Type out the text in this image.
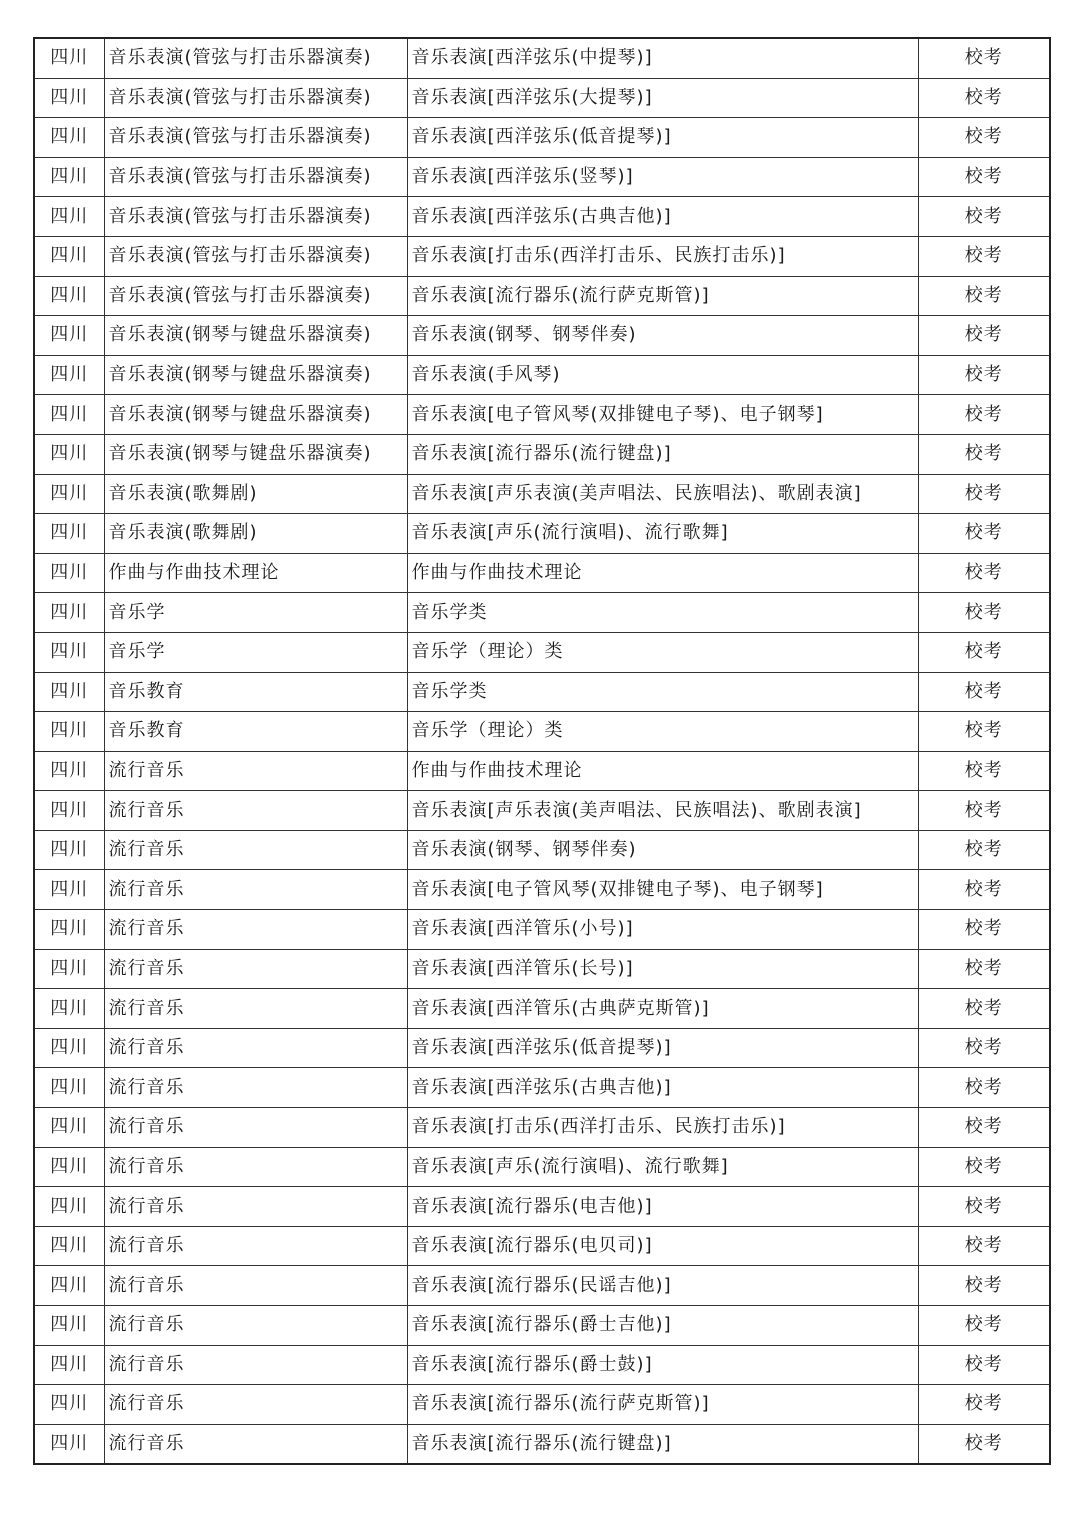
四川	音乐表演(管弦与打击乐器演奏)	音乐表演[西洋弦乐(中提琴)]	校考
四川	音乐表演(管弦与打击乐器演奏)	音乐表演[西洋弦乐(大提琴)]	校考
四川	音乐表演(管弦与打击乐器演奏)	音乐表演[西洋弦乐(低音提琴)]	校考
四川	音乐表演(管弦与打击乐器演奏)	音乐表演[西洋弦乐(竖琴)]	校考
四川	音乐表演(管弦与打击乐器演奏)	音乐表演[西洋弦乐(古典吉他)]	校考
四川	音乐表演(管弦与打击乐器演奏)	音乐表演[打击乐(西洋打击乐、民族打击乐)]	校考
四川	音乐表演(管弦与打击乐器演奏)	音乐表演[流行器乐(流行萨克斯管)]	校考
四川	音乐表演(钢琴与键盘乐器演奏)	音乐表演(钢琴、钢琴伴奏)	校考
四川	音乐表演(钢琴与键盘乐器演奏)	音乐表演(手风琴)	校考
四川	音乐表演(钢琴与键盘乐器演奏)	音乐表演[电子管风琴(双排键电子琴)、电子钢琴]	校考
四川	音乐表演(钢琴与键盘乐器演奏)	音乐表演[流行器乐(流行键盘)]	校考
四川	音乐表演(歌舞剧)	音乐表演[声乐表演(美声唱法、民族唱法)、歌剧表演]	校考
四川	音乐表演(歌舞剧)	音乐表演[声乐(流行演唱)、流行歌舞]	校考
四川	作曲与作曲技术理论	作曲与作曲技术理论	校考
四川	音乐学	音乐学类	校考
四川	音乐学	音乐学（理论）类	校考
四川	音乐教育	音乐学类	校考
四川	音乐教育	音乐学（理论）类	校考
四川	流行音乐	作曲与作曲技术理论	校考
四川	流行音乐	音乐表演[声乐表演(美声唱法、民族唱法)、歌剧表演]	校考
四川	流行音乐	音乐表演(钢琴、钢琴伴奏)	校考
四川	流行音乐	音乐表演[电子管风琴(双排键电子琴)、电子钢琴]	校考
四川	流行音乐	音乐表演[西洋管乐(小号)]	校考
四川	流行音乐	音乐表演[西洋管乐(长号)]	校考
四川	流行音乐	音乐表演[西洋管乐(古典萨克斯管)]	校考
四川	流行音乐	音乐表演[西洋弦乐(低音提琴)]	校考
四川	流行音乐	音乐表演[西洋弦乐(古典吉他)]	校考
四川	流行音乐	音乐表演[打击乐(西洋打击乐、民族打击乐)]	校考
四川	流行音乐	音乐表演[声乐(流行演唱)、流行歌舞]	校考
四川	流行音乐	音乐表演[流行器乐(电吉他)]	校考
四川	流行音乐	音乐表演[流行器乐(电贝司)]	校考
四川	流行音乐	音乐表演[流行器乐(民谣吉他)]	校考
四川	流行音乐	音乐表演[流行器乐(爵士吉他)]	校考
四川	流行音乐	音乐表演[流行器乐(爵士鼓)]	校考
四川	流行音乐	音乐表演[流行器乐(流行萨克斯管)]	校考
四川	流行音乐	音乐表演[流行器乐(流行键盘)]	校考
